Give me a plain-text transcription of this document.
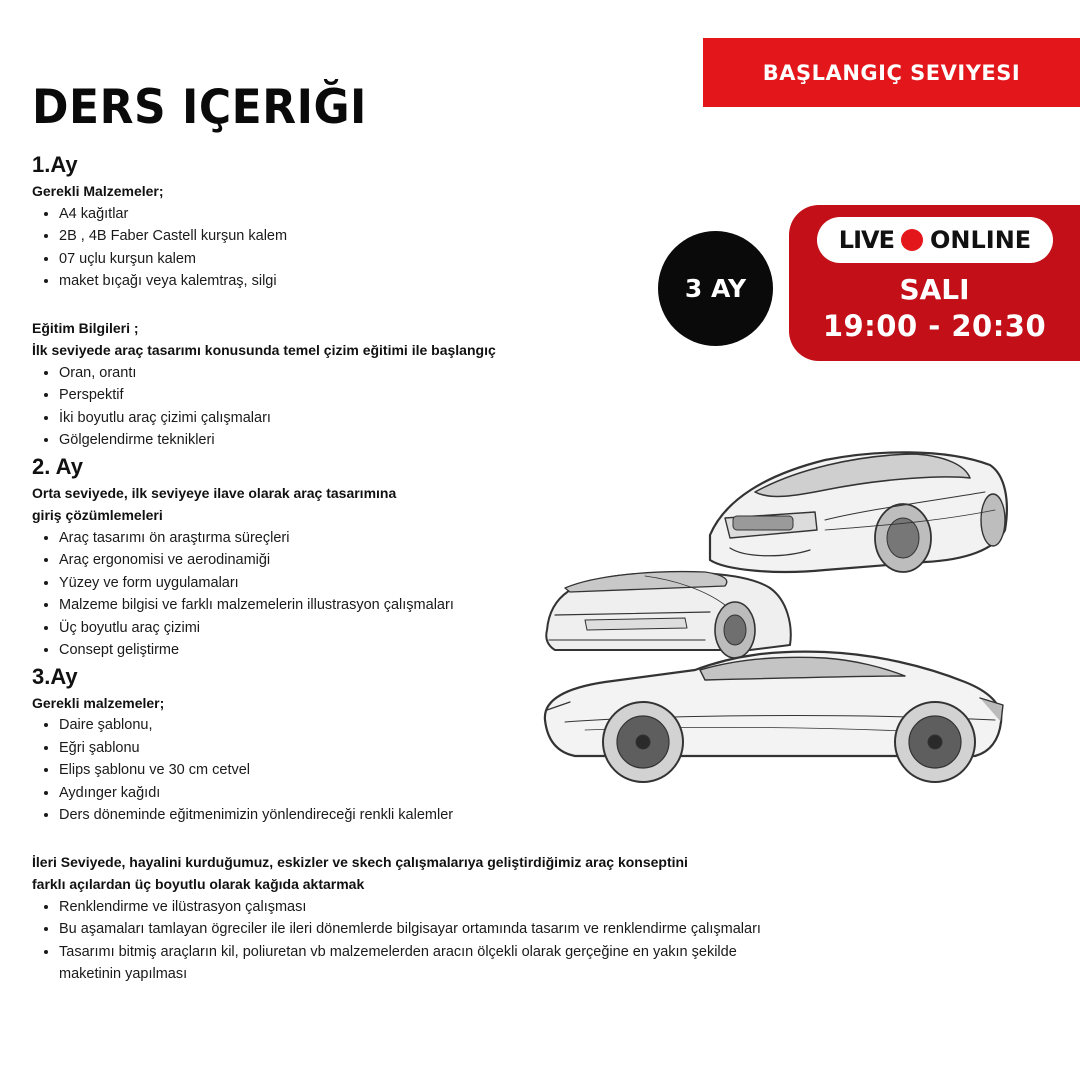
BAŞLANGIÇ SEVIYESI
DERS IÇERIĞI
3 AY
LIVE ONLINE
SALI
19:00 - 20:30
1.Ay

Gerekli Malzemeler;

• A4 kağıtlar
• 2B , 4B Faber Castell kurşun kalem
• 07 uçlu kurşun kalem
• maket bıçağı veya kalemtraş, silgi

Eğitim Bilgileri ;

İlk seviyede araç tasarımı konusunda temel çizim eğitimi ile başlangıç

• Oran, orantı
• Perspektif
• İki boyutlu araç çizimi çalışmaları
• Gölgelendirme teknikleri
2. Ay

Orta seviyede, ilk seviyeye ilave olarak araç tasarımına

giriş çözümlemeleri

• Araç tasarımı ön araştırma süreçleri
• Araç ergonomisi ve aerodinamiği
• Yüzey ve form uygulamaları
• Malzeme bilgisi ve farklı malzemelerin illustrasyon çalışmaları
• Üç boyutlu araç çizimi
• Consept geliştirme
3.Ay

Gerekli malzemeler;

• Daire şablonu,
• Eğri şablonu
• Elips şablonu ve 30 cm cetvel
• Aydınger kağıdı
• Ders döneminde eğitmenimizin yönlendireceği renkli kalemler

İleri Seviyede, hayalini kurduğumuz, eskizler ve skech çalışmalarıya geliştirdiğimiz araç konseptini

farklı açılardan üç boyutlu olarak kağıda aktarmak

• Renklendirme ve ilüstrasyon çalışması
• Bu aşamaları tamlayan ögreciler ile ileri dönemlerde bilgisayar ortamında tasarım ve renklendirme çalışmaları
• Tasarımı bitmiş araçların kil, poliuretan vb malzemelerden aracın ölçekli olarak gerçeğine en yakın şekilde
maketinin yapılması
